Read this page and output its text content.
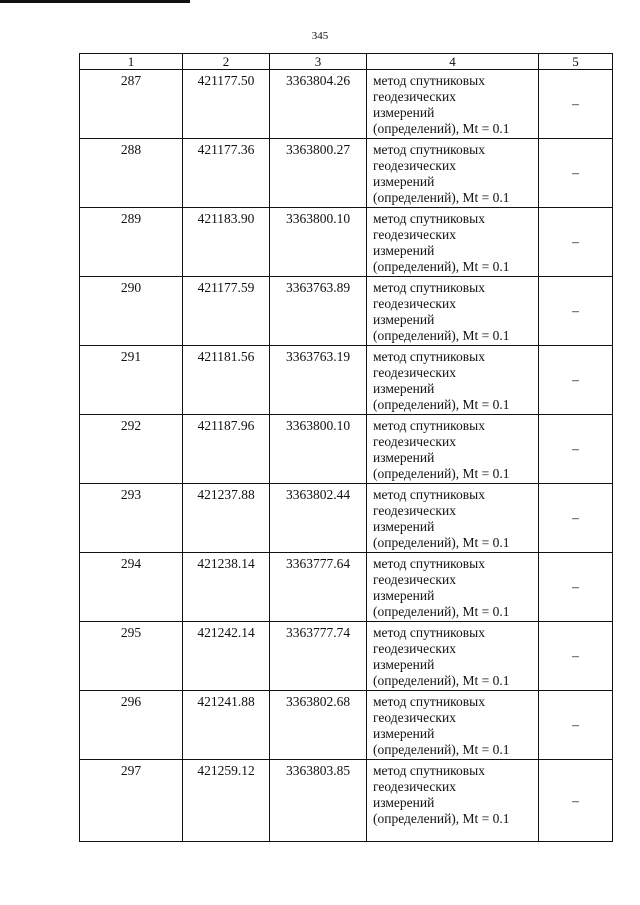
345
1	2	3	4	5
287	421177.50	3363804.26	метод спутниковых
геодезических
измерений
(определений), Mt = 0.1	–
288	421177.36	3363800.27	метод спутниковых
геодезических
измерений
(определений), Mt = 0.1	–
289	421183.90	3363800.10	метод спутниковых
геодезических
измерений
(определений), Mt = 0.1	–
290	421177.59	3363763.89	метод спутниковых
геодезических
измерений
(определений), Mt = 0.1	–
291	421181.56	3363763.19	метод спутниковых
геодезических
измерений
(определений), Mt = 0.1	–
292	421187.96	3363800.10	метод спутниковых
геодезических
измерений
(определений), Mt = 0.1	–
293	421237.88	3363802.44	метод спутниковых
геодезических
измерений
(определений), Mt = 0.1	–
294	421238.14	3363777.64	метод спутниковых
геодезических
измерений
(определений), Mt = 0.1	–
295	421242.14	3363777.74	метод спутниковых
геодезических
измерений
(определений), Mt = 0.1	–
296	421241.88	3363802.68	метод спутниковых
геодезических
измерений
(определений), Mt = 0.1	–
297	421259.12	3363803.85	метод спутниковых
геодезических
измерений
(определений), Mt = 0.1	–
